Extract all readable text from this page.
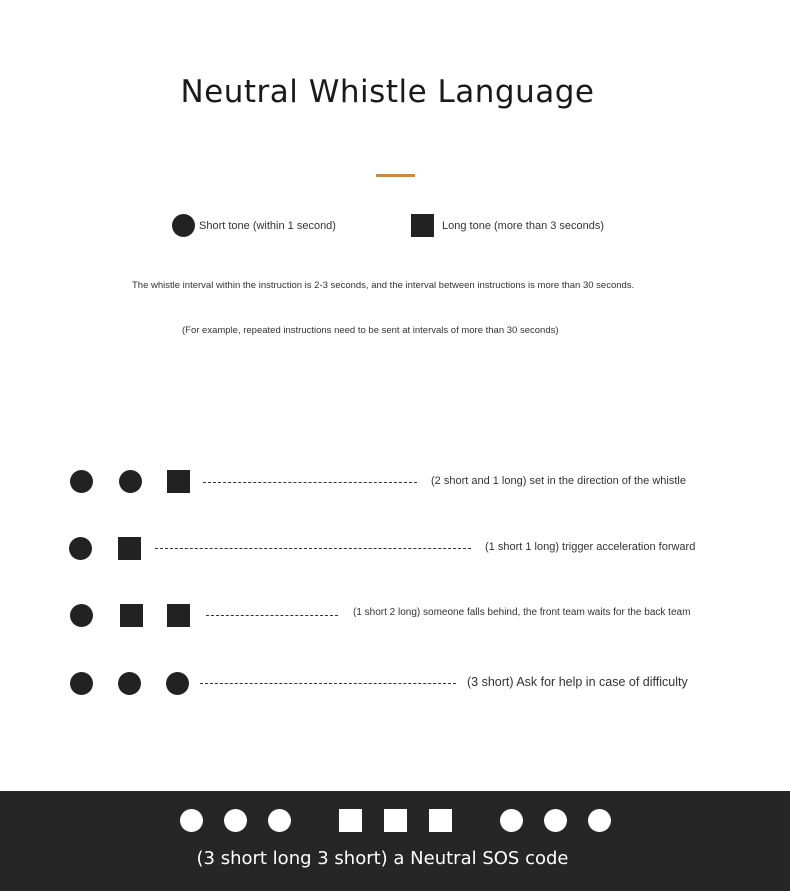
Neutral Whistle Language
Short tone (within 1 second)	Long tone (more than 3 seconds)
The whistle interval within the instruction is 2-3 seconds, and the interval between instructions is more than 30 seconds.
(For example, repeated instructions need to be sent at intervals of more than 30 seconds)
(2 short and 1 long) set in the direction of the whistle
(1 short 1 long) trigger acceleration forward
(1 short 2 long) someone falls behind, the front team waits for the back team
(3 short) Ask for help in case of difficulty
(3 short long 3 short) a Neutral SOS code
